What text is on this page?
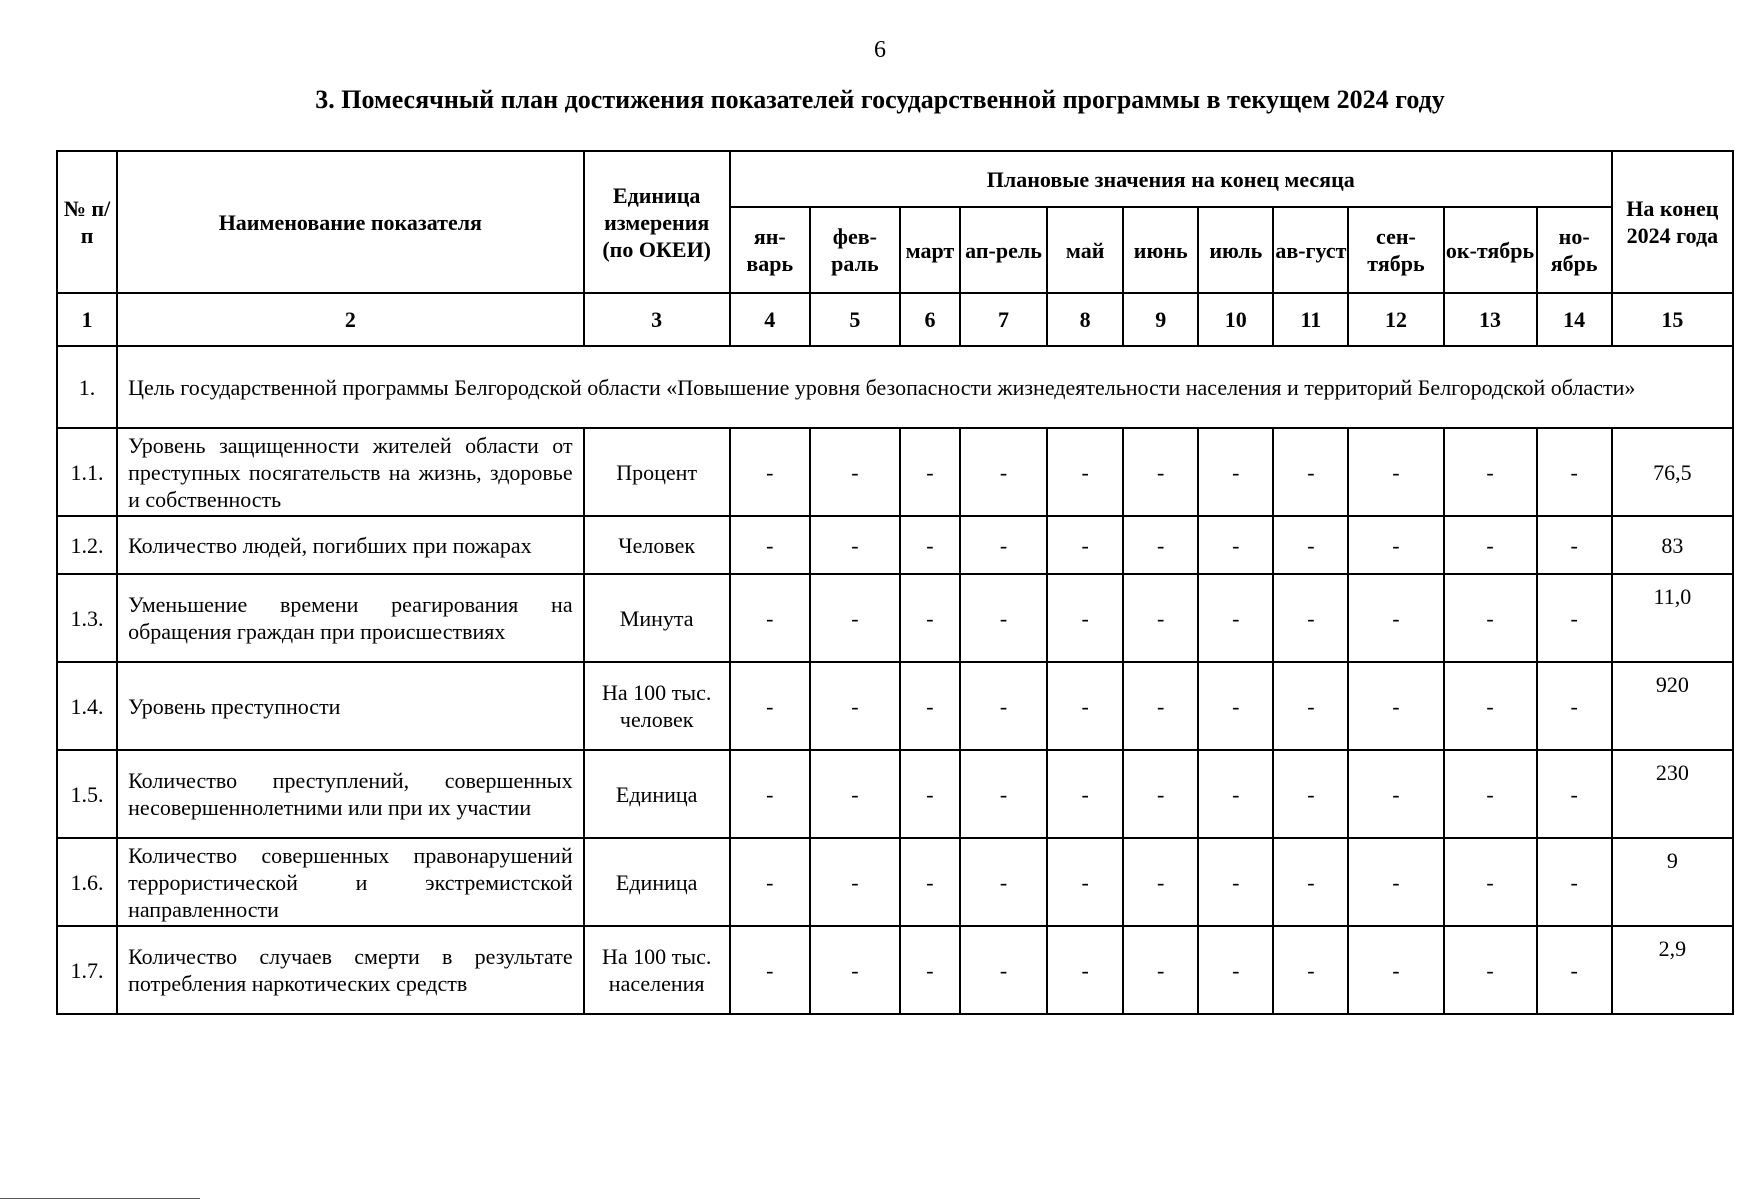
6
3. Помесячный план достижения показателей государственной программы в текущем 2024 году
№ п/п	Наименование показателя	Единица измерения (по ОКЕИ)	Плановые значения на конец месяца											На конец 2024 года
			ян-варь	фев-раль	март	ап-рель	май	июнь	июль	ав-густ	сен-тябрь	ок-тябрь	но-ябрь	
1	2	3	4	5	6	7	8	9	10	11	12	13	14	15
1.	Цель государственной программы Белгородской области «Повышение уровня безопасности жизнедеятельности населения и территорий Белгородской области»													
1.1.	Уровень защищенности жителей области от преступных посягательств на жизнь, здоровье и собственность	Процент	-	-	-	-	-	-	-	-	-	-	-	76,5
1.2.	Количество людей, погибших при пожарах	Человек	-	-	-	-	-	-	-	-	-	-	-	83
1.3.	Уменьшение времени реагирования на обращения граждан при происшествиях	Минута	-	-	-	-	-	-	-	-	-	-	-	11,0
1.4.	Уровень преступности	На 100 тыс. человек	-	-	-	-	-	-	-	-	-	-	-	920
1.5.	Количество преступлений, совершенных несовершеннолетними или при их участии	Единица	-	-	-	-	-	-	-	-	-	-	-	230
1.6.	Количество совершенных правонарушений террористической и экстремистской направленности	Единица	-	-	-	-	-	-	-	-	-	-	-	9
1.7.	Количество случаев смерти в результате потребления наркотических средств	На 100 тыс. населения	-	-	-	-	-	-	-	-	-	-	-	2,9
